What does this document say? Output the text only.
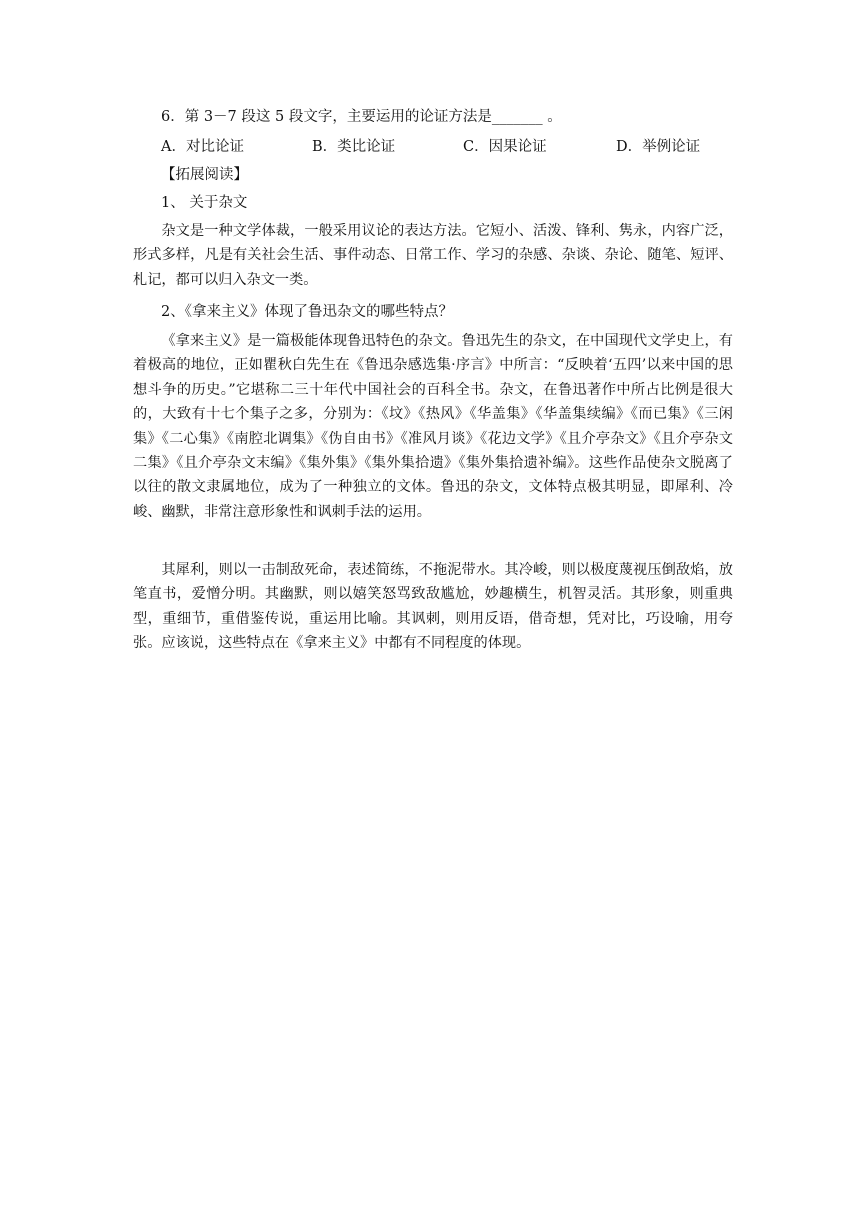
6．第 3－7 段这 5 段文字，主要运用的论证方法是_______ 。
A．对比论证	B．类比论证	C．因果论证	D．举例论证
【拓展阅读】
1、 关于杂文

杂文是一种文学体裁，一般采用议论的表达方法。它短小、活泼、锋利、隽永，内容广泛，形式多样，凡是有关社会生活、事件动态、日常工作、学习的杂感、杂谈、杂论、随笔、短评、札记，都可以归入杂文一类。

2、《拿来主义》体现了鲁迅杂文的哪些特点？

《拿来主义》是一篇极能体现鲁迅特色的杂文。鲁迅先生的杂文，在中国现代文学史上，有着极高的地位，正如瞿秋白先生在《鲁迅杂感选集·序言》中所言：“反映着‘五四’以来中国的思想斗争的历史。”它堪称二三十年代中国社会的百科全书。杂文，在鲁迅著作中所占比例是很大的，大致有十七个集子之多，分别为：《坟》《热风》《华盖集》《华盖集续编》《而已集》《三闲集》《二心集》《南腔北调集》《伪自由书》《准风月谈》《花边文学》《且介亭杂文》《且介亭杂文二集》《且介亭杂文末编》《集外集》《集外集拾遗》《集外集拾遗补编》。这些作品使杂文脱离了以往的散文隶属地位，成为了一种独立的文体。鲁迅的杂文，文体特点极其明显，即犀利、冷峻、幽默，非常注意形象性和讽刺手法的运用。

其犀利，则以一击制敌死命，表述简练，不拖泥带水。其冷峻，则以极度蔑视压倒敌焰，放笔直书，爱憎分明。其幽默，则以嬉笑怒骂致敌尴尬，妙趣横生，机智灵活。其形象，则重典型，重细节，重借鉴传说，重运用比喻。其讽刺，则用反语，借奇想，凭对比，巧设喻，用夸张。应该说，这些特点在《拿来主义》中都有不同程度的体现。
